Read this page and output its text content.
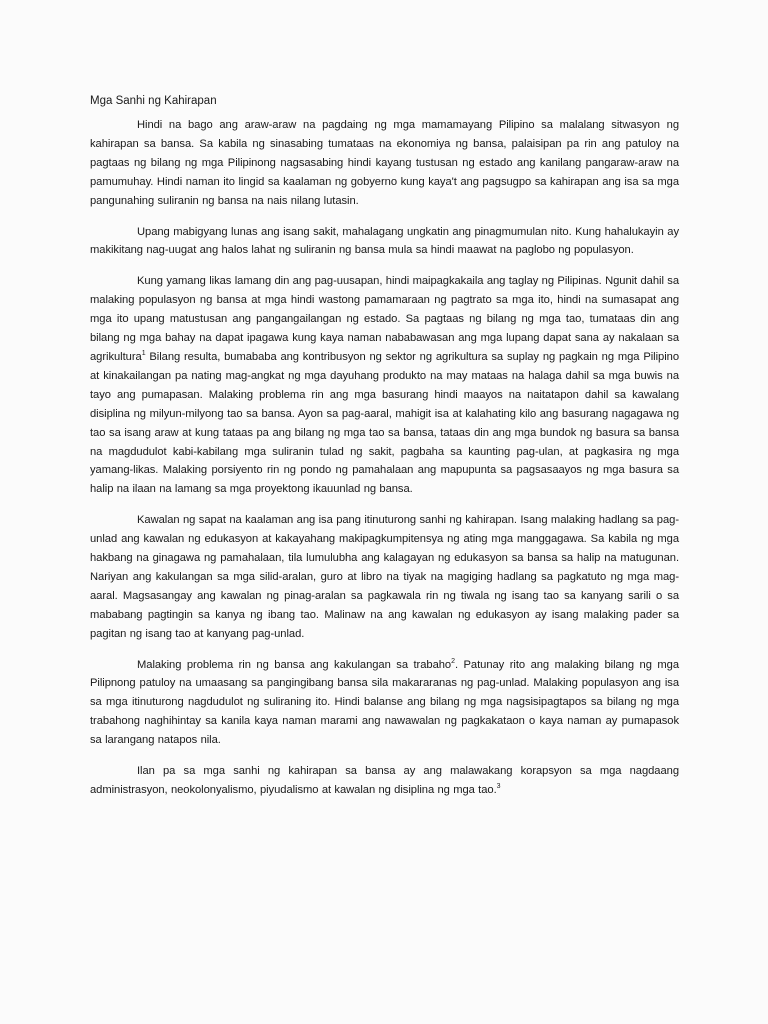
Mga Sanhi ng Kahirapan

Hindi na bago ang araw-araw na pagdaing ng mga mamamayang Pilipino sa malalang sitwasyon ng kahirapan sa bansa. Sa kabila ng sinasabing tumataas na ekonomiya ng bansa, palaisipan pa rin ang patuloy na pagtaas ng bilang ng mga Pilipinong nagsasabing hindi kayang tustusan ng estado ang kanilang pangaraw-araw na pamumuhay. Hindi naman ito lingid sa kaalaman ng gobyerno kung kaya't ang pagsugpo sa kahirapan ang isa sa mga pangunahing suliranin ng bansa na nais nilang lutasin.

Upang mabigyang lunas ang isang sakit, mahalagang ungkatin ang pinagmumulan nito. Kung hahalukayin ay makikitang nag-uugat ang halos lahat ng suliranin ng bansa mula sa hindi maawat na paglobo ng populasyon.

Kung yamang likas lamang din ang pag-uusapan, hindi maipagkakaila ang taglay ng Pilipinas. Ngunit dahil sa malaking populasyon ng bansa at mga hindi wastong pamamaraan ng pagtrato sa mga ito, hindi na sumasapat ang mga ito upang matustusan ang pangangailangan ng estado. Sa pagtaas ng bilang ng mga tao, tumataas din ang bilang ng mga bahay na dapat ipagawa kung kaya naman nababawasan ang mga lupang dapat sana ay nakalaan sa agrikultura$^1$ Bilang resulta, bumababa ang kontribusyon ng sektor ng agrikultura sa suplay ng pagkain ng mga Pilipino at kinakailangan pa nating mag-angkat ng mga dayuhang produkto na may mataas na halaga dahil sa mga buwis na tayo ang pumapasan. Malaking problema rin ang mga basurang hindi maayos na naitatapon dahil sa kawalang disiplina ng milyun-milyong tao sa bansa. Ayon sa pag-aaral, mahigit isa at kalahating kilo ang basurang nagagawa ng tao sa isang araw at kung tataas pa ang bilang ng mga tao sa bansa, tataas din ang mga bundok ng basura sa bansa na magdudulot kabi-kabilang mga suliranin tulad ng sakit, pagbaha sa kaunting pag-ulan, at pagkasira ng mga yamang-likas. Malaking porsiyento rin ng pondo ng pamahalaan ang mapupunta sa pagsasaayos ng mga basura sa halip na ilaan na lamang sa mga proyektong ikauunlad ng bansa.

Kawalan ng sapat na kaalaman ang isa pang itinuturong sanhi ng kahirapan. Isang malaking hadlang sa pag-unlad ang kawalan ng edukasyon at kakayahang makipagkumpitensya ng ating mga manggagawa. Sa kabila ng mga hakbang na ginagawa ng pamahalaan, tila lumulubha ang kalagayan ng edukasyon sa bansa sa halip na matugunan. Nariyan ang kakulangan sa mga silid-aralan, guro at libro na tiyak na magiging hadlang sa pagkatuto ng mga mag-aaral. Magsasangay ang kawalan ng pinag-aralan sa pagkawala rin ng tiwala ng isang tao sa kanyang sarili o sa mababang pagtingin sa kanya ng ibang tao. Malinaw na ang kawalan ng edukasyon ay isang malaking pader sa pagitan ng isang tao at kanyang pag-unlad.

Malaking problema rin ng bansa ang kakulangan sa trabaho$^2$. Patunay rito ang malaking bilang ng mga Pilipnong patuloy na umaasang sa pangingibang bansa sila makararanas ng pag-unlad. Malaking populasyon ang isa sa mga itinuturong nagdudulot ng suliraning ito. Hindi balanse ang bilang ng mga nagsisipagtapos sa bilang ng mga trabahong naghihintay sa kanila kaya naman marami ang nawawalan ng pagkakataon o kaya naman ay pumapasok sa larangang natapos nila.

Ilan pa sa mga sanhi ng kahirapan sa bansa ay ang malawakang korapsyon sa mga nagdaang administrasyon, neokolonyalismo, piyudalismo at kawalan ng disiplina ng mga tao.$^3$
